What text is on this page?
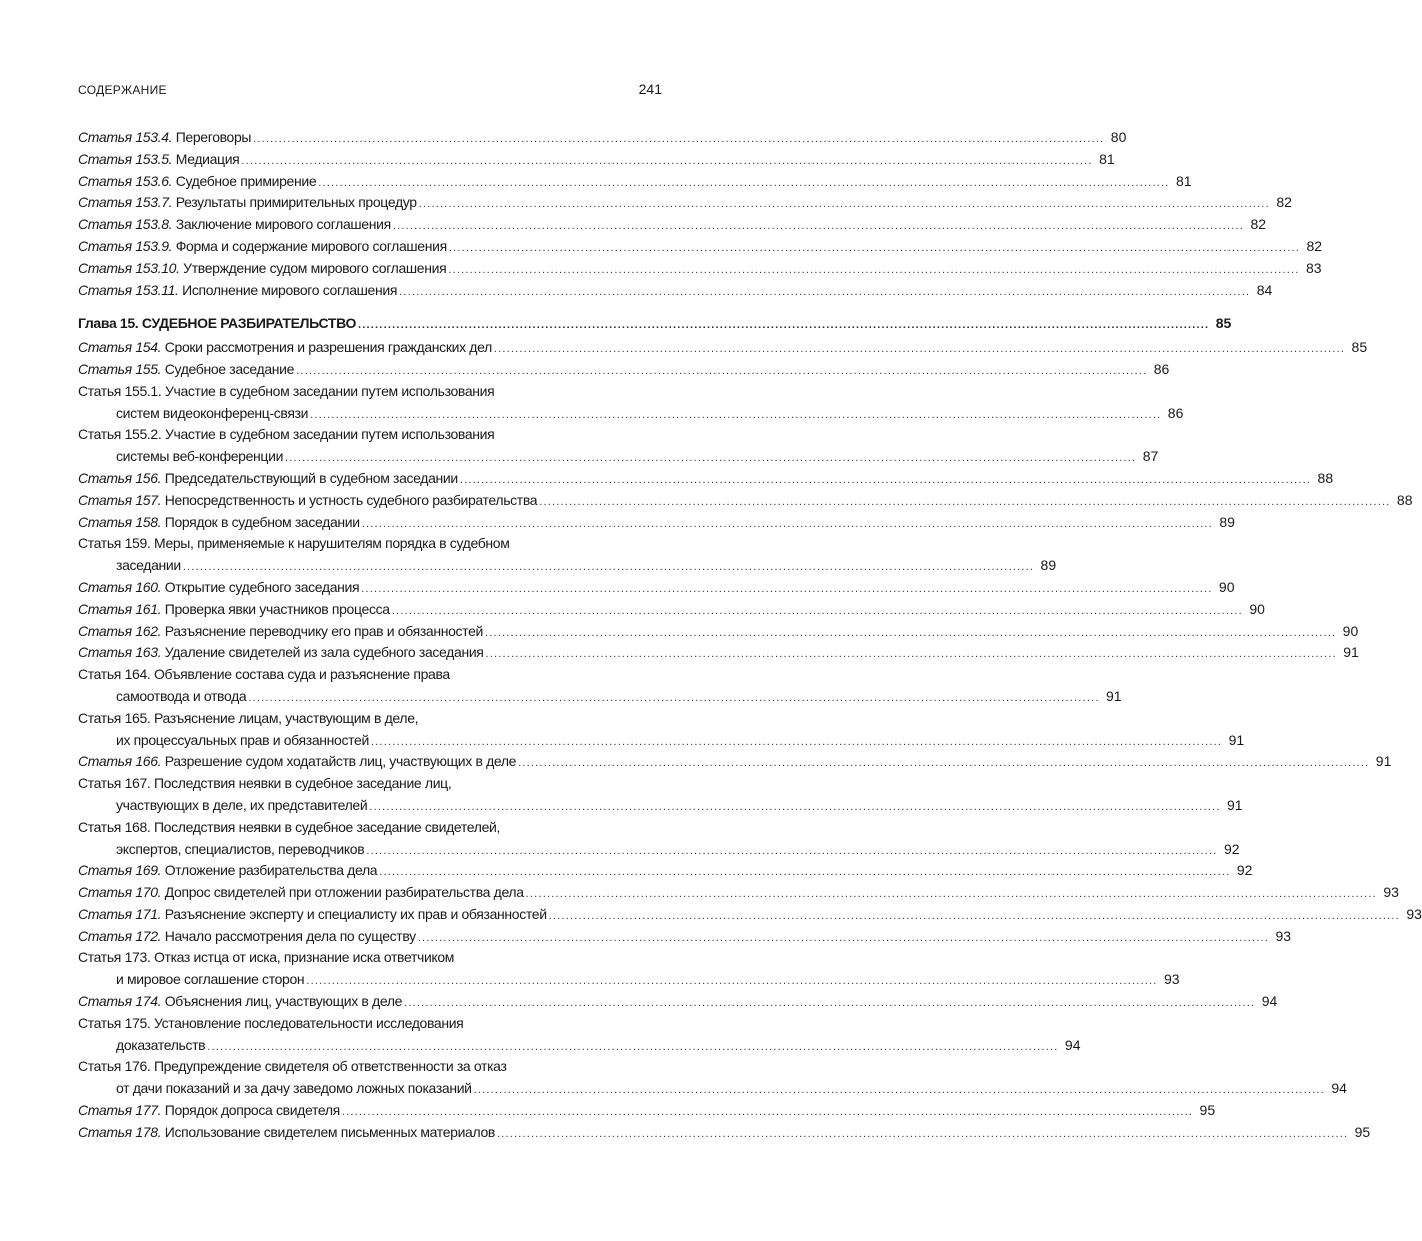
СОДЕРЖАНИЕ	241
Статья 153.4. Переговоры .....	80
Статья 153.5. Медиация .....	81
Статья 153.6. Судебное примирение .....	81
Статья 153.7. Результаты примирительных процедур .....	82
Статья 153.8. Заключение мирового соглашения .....	82
Статья 153.9. Форма и содержание мирового соглашения .....	82
Статья 153.10. Утверждение судом мирового соглашения .....	83
Статья 153.11. Исполнение мирового соглашения .....	84
Глава 15. СУДЕБНОЕ РАЗБИРАТЕЛЬСТВО .....	85
Статья 154. Сроки рассмотрения и разрешения гражданских дел .....	85
Статья 155. Судебное заседание .....	86
Статья 155.1. Участие в судебном заседании путем использования
систем видеоконференц-связи .....	86
Статья 155.2. Участие в судебном заседании путем использования
системы веб-конференции .....	87
Статья 156. Председательствующий в судебном заседании .....	88
Статья 157. Непосредственность и устность судебного разбирательства .....	88
Статья 158. Порядок в судебном заседании .....	89
Статья 159. Меры, применяемые к нарушителям порядка в судебном
заседании .....	89
Статья 160. Открытие судебного заседания .....	90
Статья 161. Проверка явки участников процесса .....	90
Статья 162. Разъяснение переводчику его прав и обязанностей .....	90
Статья 163. Удаление свидетелей из зала судебного заседания .....	91
Статья 164. Объявление состава суда и разъяснение права
самоотвода и отвода .....	91
Статья 165. Разъяснение лицам, участвующим в деле,
их процессуальных прав и обязанностей .....	91
Статья 166. Разрешение судом ходатайств лиц, участвующих в деле .....	91
Статья 167. Последствия неявки в судебное заседание лиц,
участвующих в деле, их представителей .....	91
Статья 168. Последствия неявки в судебное заседание свидетелей,
экспертов, специалистов, переводчиков .....	92
Статья 169. Отложение разбирательства дела .....	92
Статья 170. Допрос свидетелей при отложении разбирательства дела .....	93
Статья 171. Разъяснение эксперту и специалисту их прав и обязанностей .....	93
Статья 172. Начало рассмотрения дела по существу .....	93
Статья 173. Отказ истца от иска, признание иска ответчиком
и мировое соглашение сторон .....	93
Статья 174. Объяснения лиц, участвующих в деле .....	94
Статья 175. Установление последовательности исследования
доказательств .....	94
Статья 176. Предупреждение свидетеля об ответственности за отказ
от дачи показаний и за дачу заведомо ложных показаний .....	94
Статья 177. Порядок допроса свидетеля .....	95
Статья 178. Использование свидетелем письменных материалов .....	95
